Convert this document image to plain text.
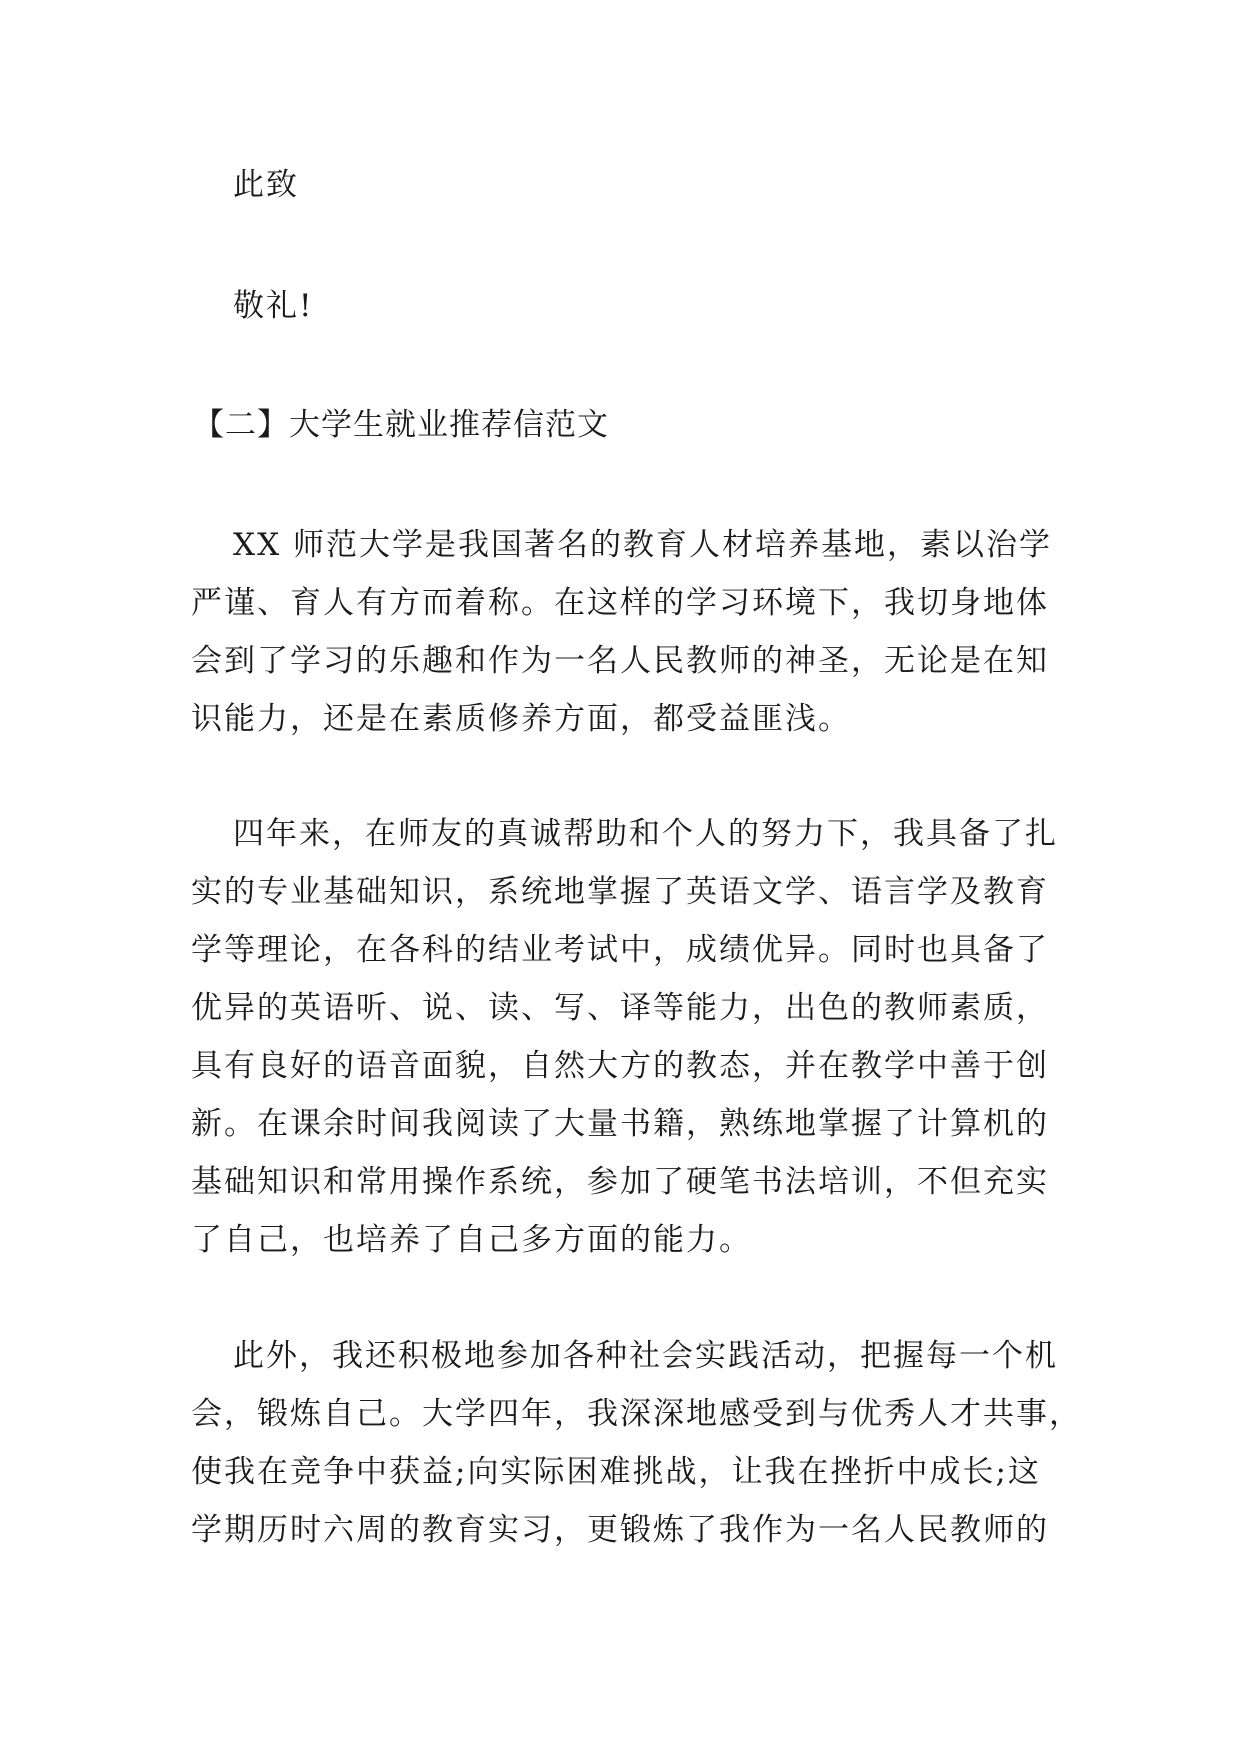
此致
敬礼!
【二】大学生就业推荐信范文
XX 师范大学是我国著名的教育人材培养基地，素以治学
严谨、育人有方而着称。在这样的学习环境下，我切身地体
会到了学习的乐趣和作为一名人民教师的神圣，无论是在知
识能力，还是在素质修养方面，都受益匪浅。
四年来，在师友的真诚帮助和个人的努力下，我具备了扎
实的专业基础知识，系统地掌握了英语文学、语言学及教育
学等理论，在各科的结业考试中，成绩优异。同时也具备了
优异的英语听、说、读、写、译等能力，出色的教师素质，
具有良好的语音面貌，自然大方的教态，并在教学中善于创
新。在课余时间我阅读了大量书籍，熟练地掌握了计算机的
基础知识和常用操作系统，参加了硬笔书法培训，不但充实
了自己，也培养了自己多方面的能力。
此外，我还积极地参加各种社会实践活动，把握每一个机
会，锻炼自己。大学四年，我深深地感受到与优秀人才共事，
使我在竞争中获益;向实际困难挑战，让我在挫折中成长;这
学期历时六周的教育实习，更锻炼了我作为一名人民教师的
